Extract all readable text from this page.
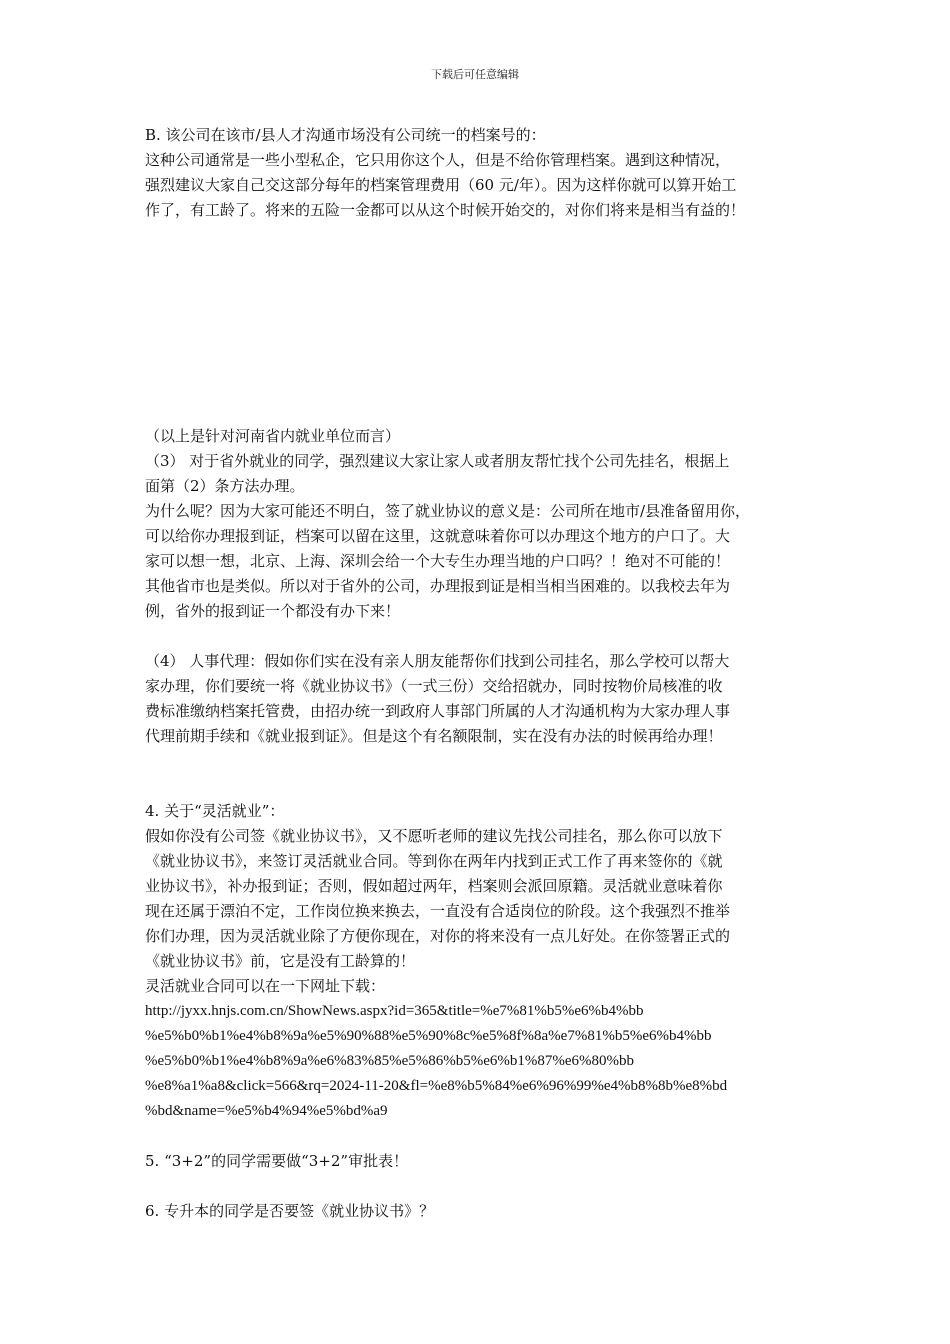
下载后可任意编辑

B. 该公司在该市/县人才沟通市场没有公司统一的档案号的：

这种公司通常是一些小型私企，它只用你这个人，但是不给你管理档案。遇到这种情况，

强烈建议大家自己交这部分每年的档案管理费用（60 元/年）。因为这样你就可以算开始工

作了，有工龄了。将来的五险一金都可以从这个时候开始交的，对你们将来是相当有益的！

（以上是针对河南省内就业单位而言）

（3） 对于省外就业的同学，强烈建议大家让家人或者朋友帮忙找个公司先挂名，根据上

面第（2）条方法办理。

为什么呢？因为大家可能还不明白，签了就业协议的意义是：公司所在地市/县准备留用你，

可以给你办理报到证，档案可以留在这里，这就意味着你可以办理这个地方的户口了。大

家可以想一想，北京、上海、深圳会给一个大专生办理当地的户口吗？！绝对不可能的！

其他省市也是类似。所以对于省外的公司，办理报到证是相当相当困难的。以我校去年为

例，省外的报到证一个都没有办下来！

（4） 人事代理：假如你们实在没有亲人朋友能帮你们找到公司挂名，那么学校可以帮大

家办理，你们要统一将《就业协议书》（一式三份）交给招就办，同时按物价局核准的收

费标准缴纳档案托管费，由招办统一到政府人事部门所属的人才沟通机构为大家办理人事

代理前期手续和《就业报到证》。但是这个有名额限制，实在没有办法的时候再给办理！

4. 关于“灵活就业”：

假如你没有公司签《就业协议书》，又不愿听老师的建议先找公司挂名，那么你可以放下

《就业协议书》，来签订灵活就业合同。等到你在两年内找到正式工作了再来签你的《就

业协议书》，补办报到证；否则，假如超过两年，档案则会派回原籍。灵活就业意味着你

现在还属于漂泊不定，工作岗位换来换去，一直没有合适岗位的阶段。这个我强烈不推举

你们办理，因为灵活就业除了方便你现在，对你的将来没有一点儿好处。在你签署正式的

《就业协议书》前，它是没有工龄算的！

灵活就业合同可以在一下网址下载：

http://jyxx.hnjs.com.cn/ShowNews.aspx?id=365&title=%e7%81%b5%e6%b4%bb

%e5%b0%b1%e4%b8%9a%e5%90%88%e5%90%8c%e5%8f%8a%e7%81%b5%e6%b4%bb

%e5%b0%b1%e4%b8%9a%e6%83%85%e5%86%b5%e6%b1%87%e6%80%bb

%e8%a1%a8&click=566&rq=2024-11-20&fl=%e8%b5%84%e6%96%99%e4%b8%8b%e8%bd

%bd&name=%e5%b4%94%e5%bd%a9

5. “3+2”的同学需要做“3+2”审批表！

6. 专升本的同学是否要签《就业协议书》？
